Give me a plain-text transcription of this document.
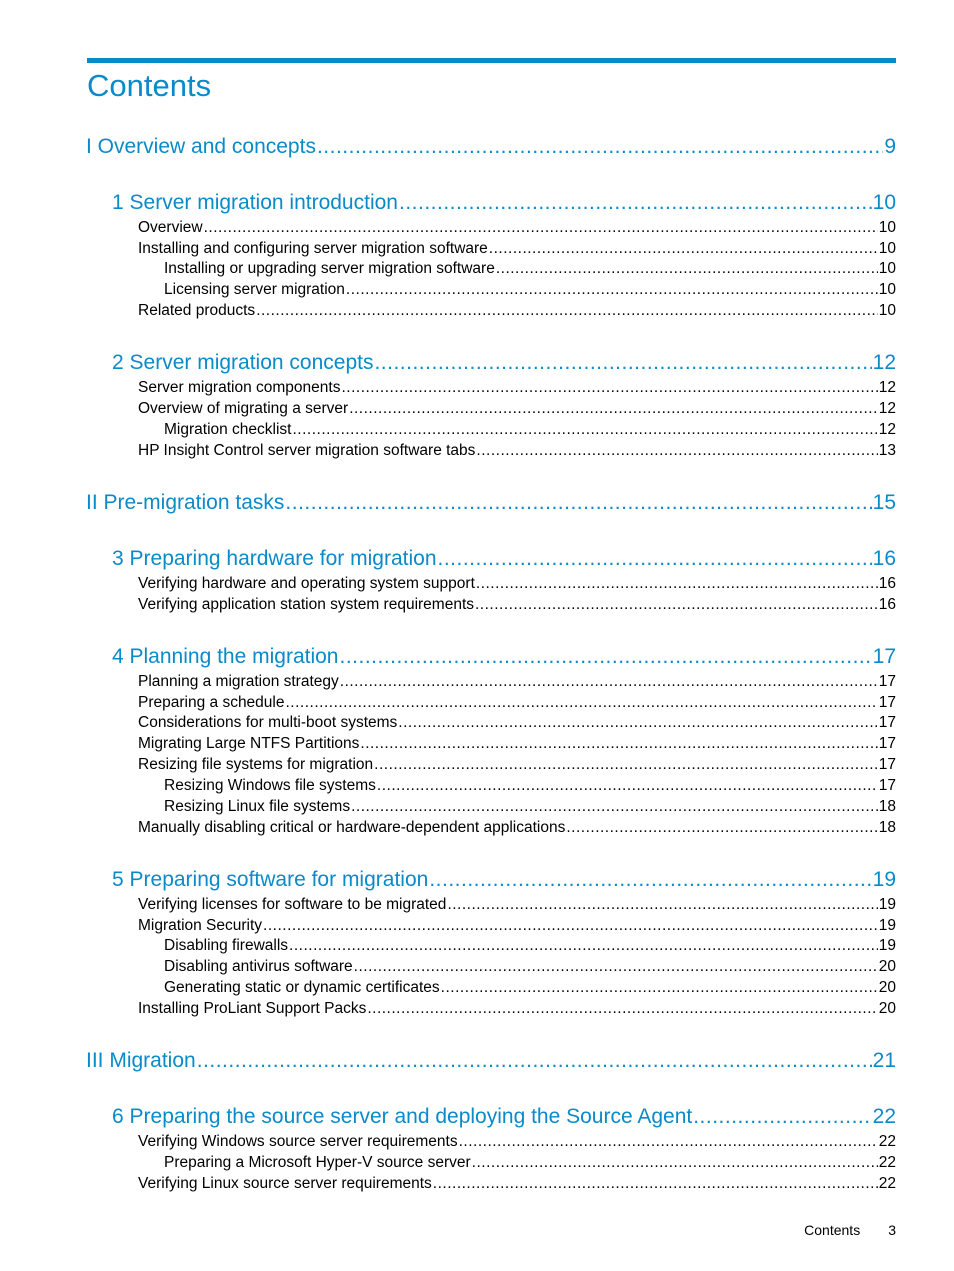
Contents
I Overview and concepts .....	9
1 Server migration introduction .....	10
Overview .....	10
Installing and configuring server migration software .....	10
Installing or upgrading server migration software .....	10
Licensing server migration .....	10
Related products .....	10
2 Server migration concepts .....	12
Server migration components .....	12
Overview of migrating a server .....	12
Migration checklist .....	12
HP Insight Control server migration software tabs .....	13
II Pre-migration tasks .....	15
3 Preparing hardware for migration .....	16
Verifying hardware and operating system support .....	16
Verifying application station system requirements .....	16
4 Planning the migration .....	17
Planning a migration strategy .....	17
Preparing a schedule .....	17
Considerations for multi-boot systems .....	17
Migrating Large NTFS Partitions .....	17
Resizing file systems for migration .....	17
Resizing Windows file systems .....	17
Resizing Linux file systems .....	18
Manually disabling critical or hardware-dependent applications .....	18
5 Preparing software for migration .....	19
Verifying licenses for software to be migrated .....	19
Migration Security .....	19
Disabling firewalls .....	19
Disabling antivirus software .....	20
Generating static or dynamic certificates .....	20
Installing ProLiant Support Packs .....	20
III Migration .....	21
6 Preparing the source server and deploying the Source Agent .....	22
Verifying Windows source server requirements .....	22
Preparing a Microsoft Hyper-V source server .....	22
Verifying Linux source server requirements .....	22
Contents 3
